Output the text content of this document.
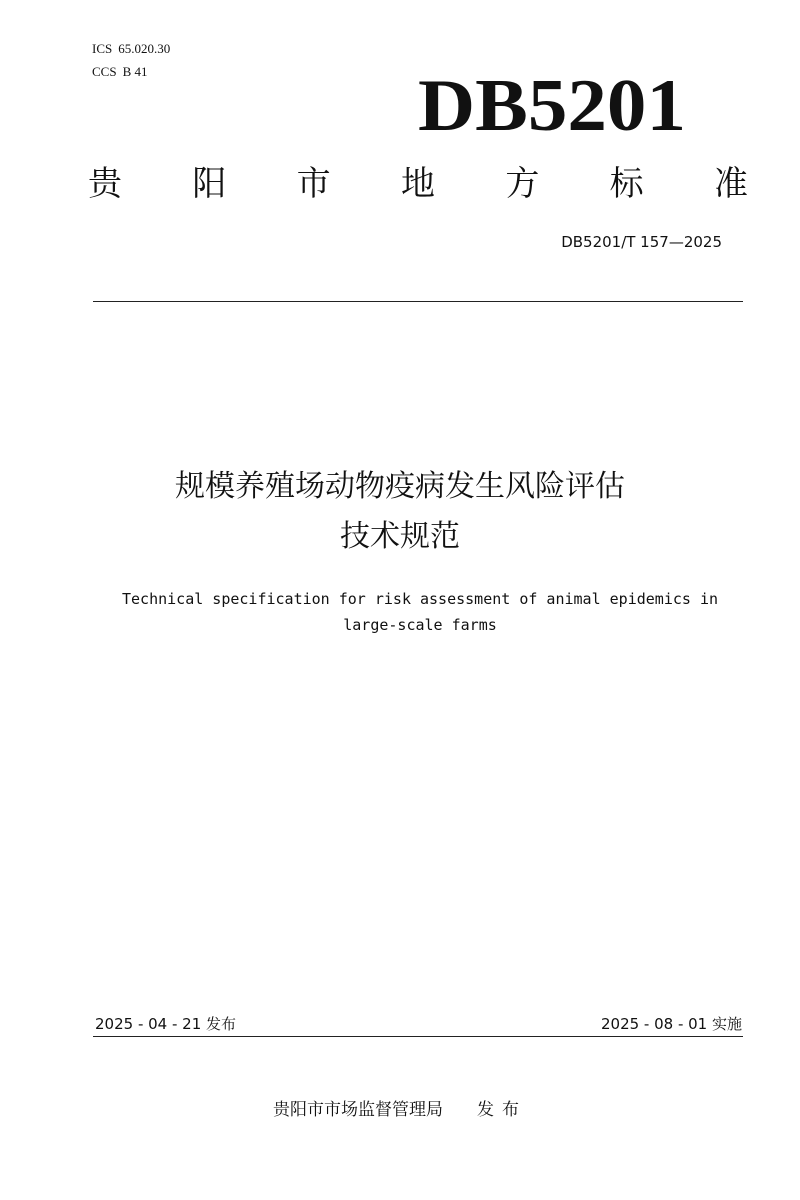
ICS 65.020.30
CCS B 41	DB5201
贵 阳 市 地 方 标 准
DB5201/T 157—2025
规模养殖场动物疫病发生风险评估
技术规范
Technical specification for risk assessment of animal epidemics in
large-scale farms
2025 - 04 - 21 发布	2025 - 08 - 01 实施
贵阳市市场监督管理局 发布
